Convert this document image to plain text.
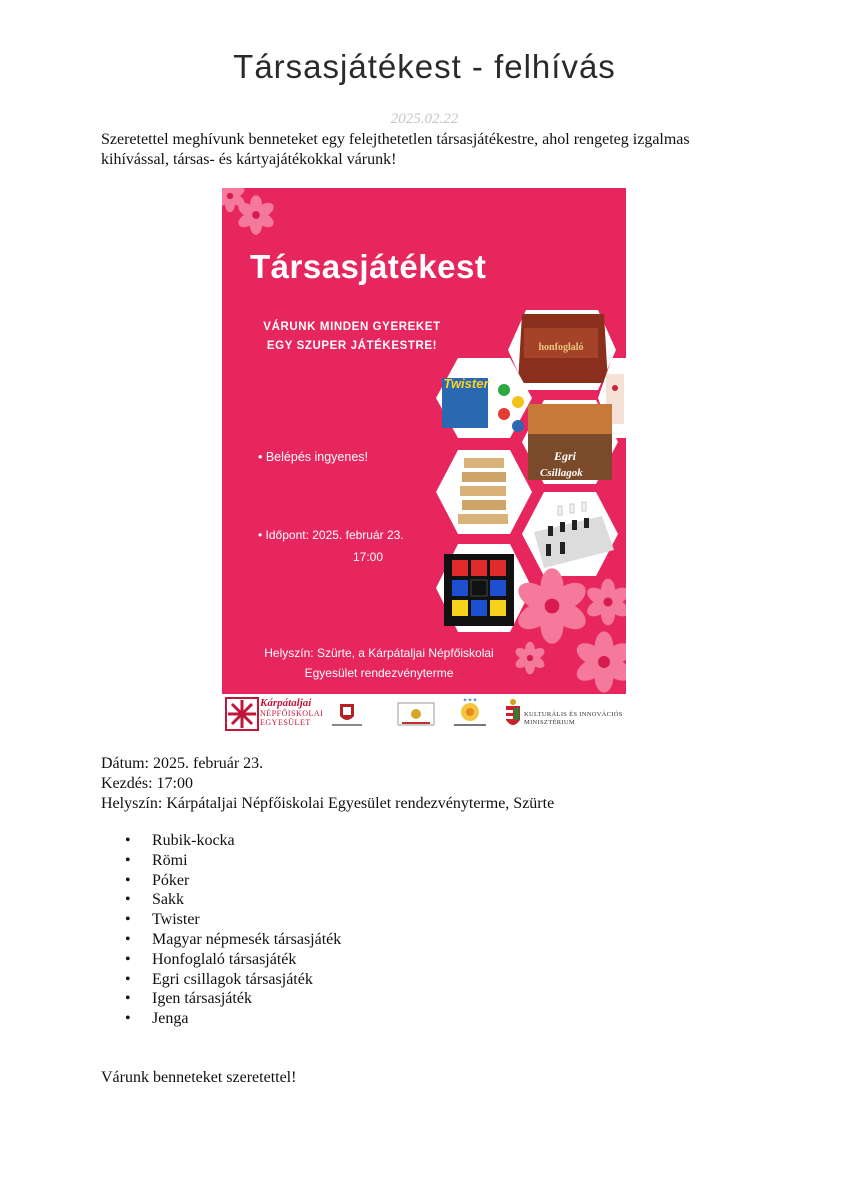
Társasjátékest - felhívás
2025.02.22
Szeretettel meghívunk benneteket egy felejthetetlen társasjátékestre, ahol rengeteg izgalmas kihívással, társas- és kártyajátékokkal várunk!
honfoglaló
Twister
Egri
Csillagok
Társasjátékest
VÁRUNK MINDEN GYEREKET
EGY SZUPER JÁTÉKESTRE!
• Belépés ingyenes!
• Időpont: 2025. február 23.
17:00
Helyszín: Szürte, a Kárpátaljai Népfőiskolai
Egyesület rendezvényterme
✦✦✦
Kárpátaljai
NÉPFŐISKOLAI
EGYESÜLET
KULTURÁLIS ÉS INNOVÁCIÓS
MINISZTÉRIUM
Dátum: 2025. február 23.
Kezdés: 17:00
Helyszín: Kárpátaljai Népfőiskolai Egyesület rendezvényterme, Szürte
• Rubik-kocka
• Römi
• Póker
• Sakk
• Twister
• Magyar népmesék társasjáték
• Honfoglaló társasjáték
• Egri csillagok társasjáték
• Igen társasjáték
• Jenga
Várunk benneteket szeretettel!
